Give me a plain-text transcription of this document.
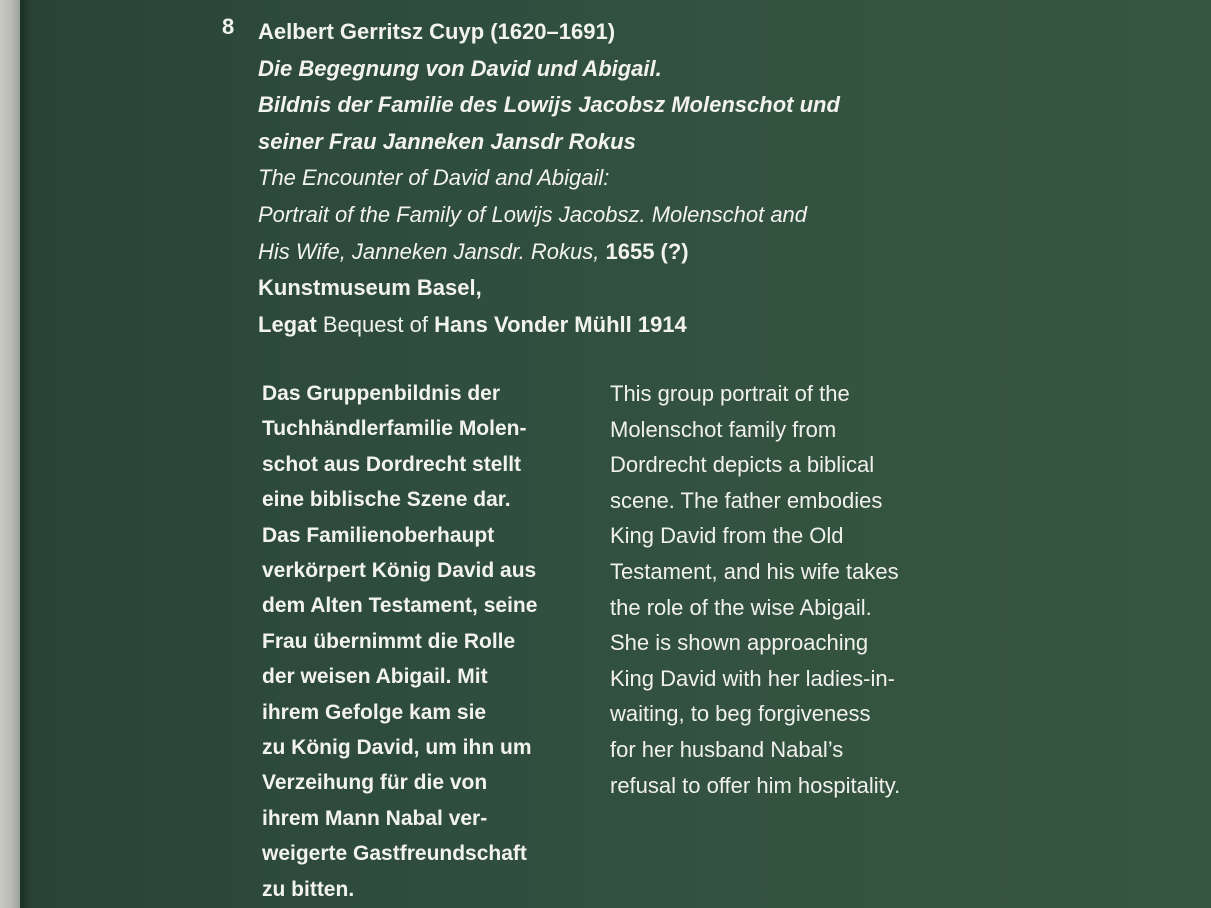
8 Aelbert Gerritsz Cuyp (1620–1691)
Die Begegnung von David und Abigail.
Bildnis der Familie des Lowijs Jacobsz Molenschot und
seiner Frau Janneken Jansdr Rokus
The Encounter of David and Abigail:
Portrait of the Family of Lowijs Jacobsz. Molenschot and
His Wife, Janneken Jansdr. Rokus, 1655 (?)
Kunstmuseum Basel,
Legat Bequest of Hans Vonder Mühll 1914
Das Gruppenbildnis der
Tuchhändlerfamilie Molen-
schot aus Dordrecht stellt
eine biblische Szene dar.
Das Familienoberhaupt
verkörpert König David aus
dem Alten Testament, seine
Frau übernimmt die Rolle
der weisen Abigail. Mit
ihrem Gefolge kam sie
zu König David, um ihn um
Verzeihung für die von
ihrem Mann Nabal ver-
weigerte Gastfreundschaft
zu bitten.
This group portrait of the
Molenschot family from
Dordrecht depicts a biblical
scene. The father embodies
King David from the Old
Testament, and his wife takes
the role of the wise Abigail.
She is shown approaching
King David with her ladies-in-
waiting, to beg forgiveness
for her husband Nabal’s
refusal to offer him hospitality.
